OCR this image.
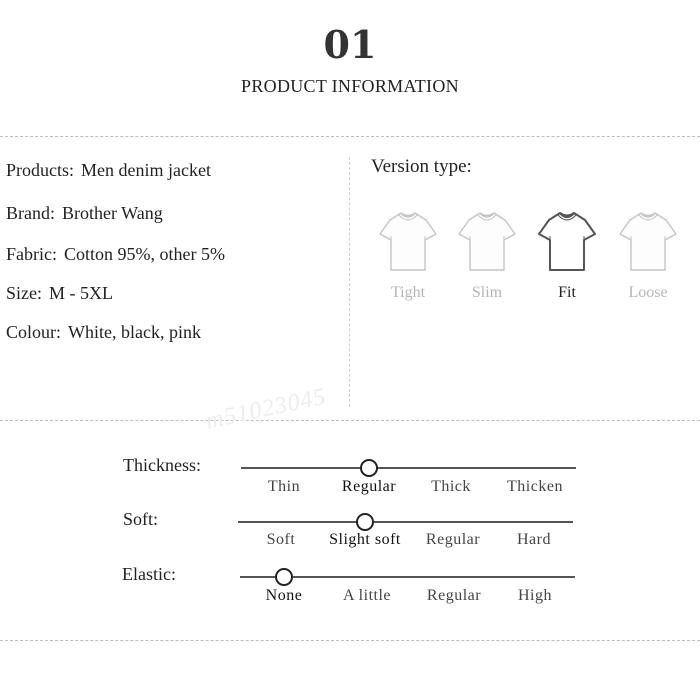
01
PRODUCT INFORMATION
Products: Men denim jacket
Brand: Brother Wang
Fabric: Cotton 95%, other 5%
Size: M - 5XL
Colour: White, black, pink
Version type:
Tight	Slim	Fit	Loose
m51023045
Thickness:
Thin	Regular	Thick	Thicken
Soft:
Soft	Slight soft	Regular	Hard
Elastic:
None	A little	Regular	High
